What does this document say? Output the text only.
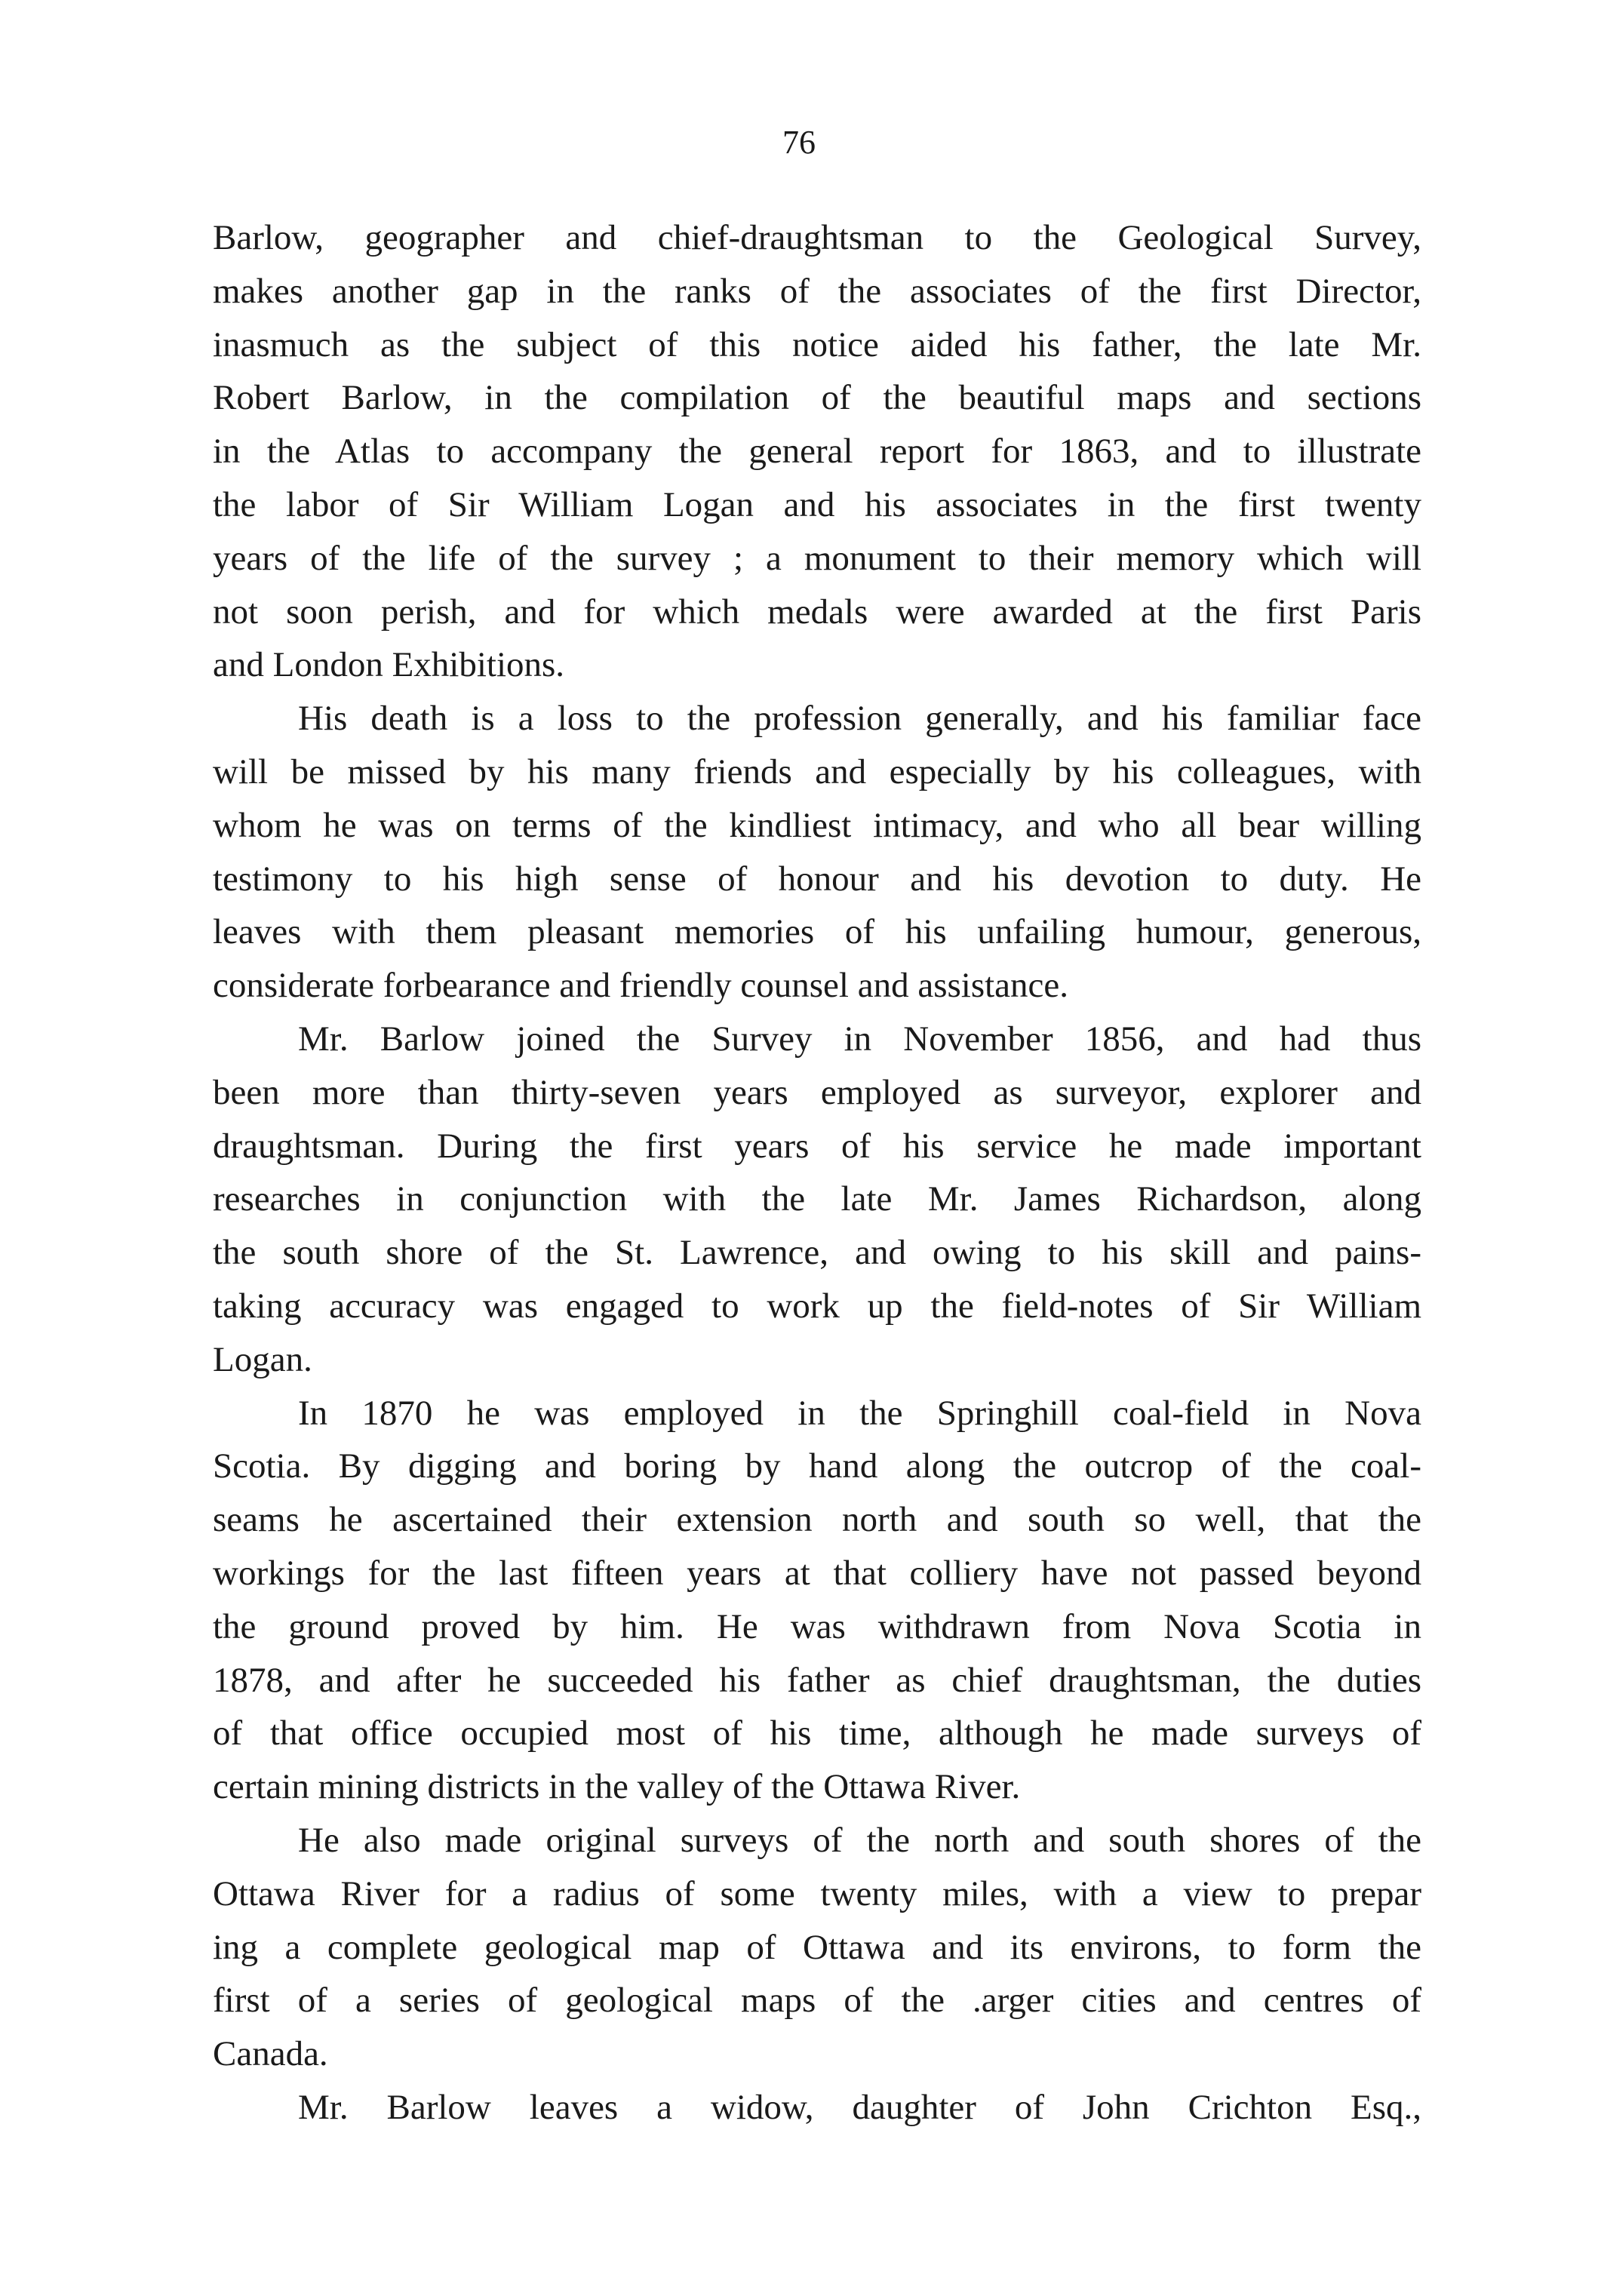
76
Barlow, geographer and chief-draughtsman to the Geological Survey,
makes another gap in the ranks of the associates of the first Director,
inasmuch as the subject of this notice aided his father, the late Mr.
Robert Barlow, in the compilation of the beautiful maps and sections
in the Atlas to accompany the general report for 1863, and to illustrate
the labor of Sir William Logan and his associates in the first twenty
years of the life of the survey ; a monument to their memory which will
not soon perish, and for which medals were awarded at the first Paris
and London Exhibitions.
His death is a loss to the profession generally, and his familiar face
will be missed by his many friends and especially by his colleagues, with
whom he was on terms of the kindliest intimacy, and who all bear willing
testimony to his high sense of honour and his devotion to duty. He
leaves with them pleasant memories of his unfailing humour, generous,
considerate forbearance and friendly counsel and assistance.
Mr. Barlow joined the Survey in November 1856, and had thus
been more than thirty-seven years employed as surveyor, explorer and
draughtsman. During the first years of his service he made important
researches in conjunction with the late Mr. James Richardson, along
the south shore of the St. Lawrence, and owing to his skill and pains-
taking accuracy was engaged to work up the field-notes of Sir William
Logan.
In 1870 he was employed in the Springhill coal-field in Nova
Scotia. By digging and boring by hand along the outcrop of the coal-
seams he ascertained their extension north and south so well, that the
workings for the last fifteen years at that colliery have not passed beyond
the ground proved by him. He was withdrawn from Nova Scotia in
1878, and after he succeeded his father as chief draughtsman, the duties
of that office occupied most of his time, although he made surveys of
certain mining districts in the valley of the Ottawa River.
He also made original surveys of the north and south shores of the
Ottawa River for a radius of some twenty miles, with a view to prepar
ing a complete geological map of Ottawa and its environs, to form the
first of a series of geological maps of the .arger cities and centres of
Canada.
Mr. Barlow leaves a widow, daughter of John Crichton Esq.,
